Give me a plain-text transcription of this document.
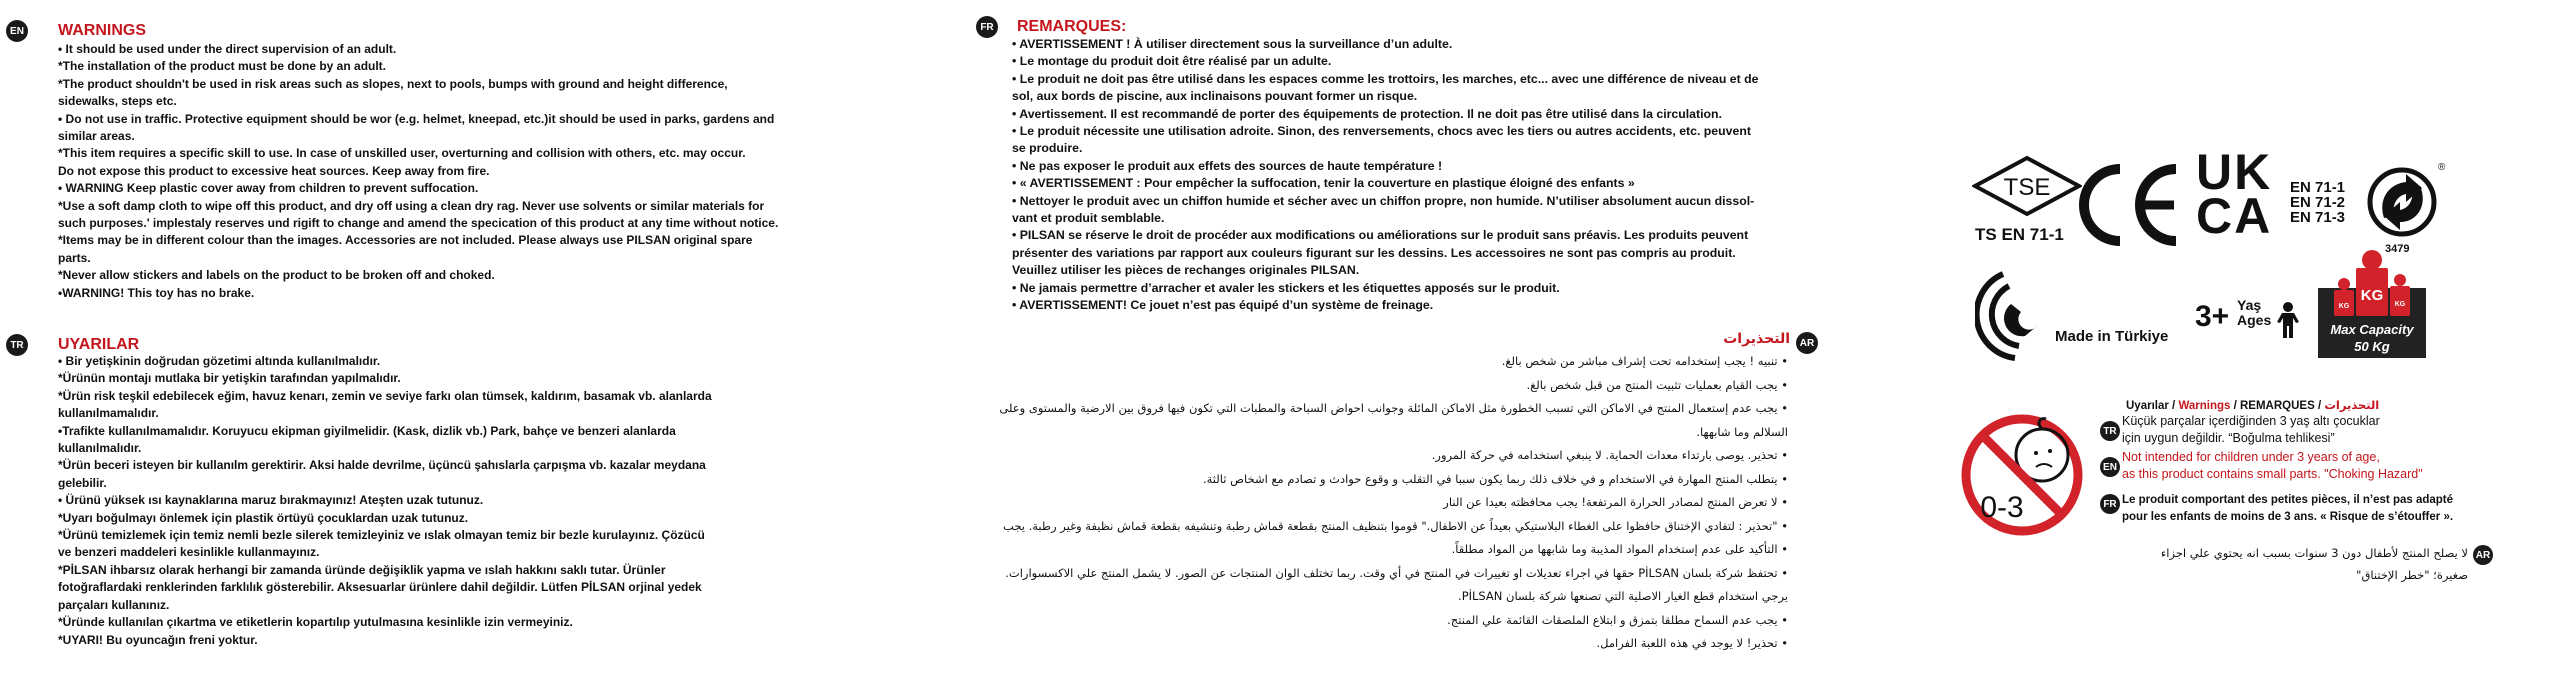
EN WARNINGS
• It should be used under the direct supervision of an adult.
*The installation of the product must be done by an adult.
*The product shouldn't be used in risk areas such as slopes, next to pools, bumps with ground and height difference,
sidewalks, steps etc.
• Do not use in traffic. Protective equipment should be wor (e.g. helmet, kneepad, etc.)it should be used in parks, gardens and
similar areas.
*This item requires a specific skill to use. In case of unskilled user, overturning and collision with others, etc. may occur.
Do not expose this product to excessive heat sources. Keep away from fire.
• WARNING Keep plastic cover away from children to prevent suffocation.
*Use a soft damp cloth to wipe off this product, and dry off using a clean dry rag. Never use solvents or similar materials for
such purposes.' implestaly reserves und rigift to change and amend the specication of this product at any time without notice.
*Items may be in different colour than the images. Accessories are not included. Please always use PILSAN original spare
parts.
*Never allow stickers and labels on the product to be broken off and choked.
•WARNING! This toy has no brake.
TR UYARILAR
• Bir yetişkinin doğrudan gözetimi altında kullanılmalıdır.
*Ürünün montajı mutlaka bir yetişkin tarafından yapılmalıdır.
*Ürün risk teşkil edebilecek eğim, havuz kenarı, zemin ve seviye farkı olan tümsek, kaldırım, basamak vb. alanlarda
kullanılmamalıdır.
•Trafikte kullanılmamalıdır. Koruyucu ekipman giyilmelidir. (Kask, dizlik vb.) Park, bahçe ve benzeri alanlarda
kullanılmalıdır.
*Ürün beceri isteyen bir kullanılm gerektirir. Aksi halde devrilme, üçüncü şahıslarla çarpışma vb. kazalar meydana
gelebilir.
• Ürünü yüksek ısı kaynaklarına maruz bırakmayınız! Ateşten uzak tutunuz.
*Uyarı boğulmayı önlemek için plastik örtüyü çocuklardan uzak tutunuz.
*Ürünü temizlemek için temiz nemli bezle silerek temizleyiniz ve ıslak olmayan temiz bir bezle kurulayınız. Çözücü
ve benzeri maddeleri kesinlikle kullanmayınız.
*PİLSAN ihbarsız olarak herhangi bir zamanda üründe değişiklik yapma ve ıslah hakkını saklı tutar. Ürünler
fotoğraflardaki renklerinden farklılık gösterebilir. Aksesuarlar ürünlere dahil değildir. Lütfen PİLSAN orjinal yedek
parçaları kullanınız.
*Üründe kullanılan çıkartma ve etiketlerin kopartılıp yutulmasına kesinlikle izin vermeyiniz.
*UYARI! Bu oyuncağın freni yoktur.
FR REMARQUES:
• AVERTISSEMENT ! À utiliser directement sous la surveillance d’un adulte.
• Le montage du produit doit être réalisé par un adulte.
• Le produit ne doit pas être utilisé dans les espaces comme les trottoirs, les marches, etc... avec une différence de niveau et de
sol, aux bords de piscine, aux inclinaisons pouvant former un risque.
• Avertissement. Il est recommandé de porter des équipements de protection. Il ne doit pas être utilisé dans la circulation.
• Le produit nécessite une utilisation adroite. Sinon, des renversements, chocs avec les tiers ou autres accidents, etc. peuvent
se produire.
• Ne pas exposer le produit aux effets des sources de haute température !
• « AVERTISSEMENT : Pour empêcher la suffocation, tenir la couverture en plastique éloigné des enfants »
• Nettoyer le produit avec un chiffon humide et sécher avec un chiffon propre, non humide. N’utiliser absolument aucun dissol-
vant et produit semblable.
• PILSAN se réserve le droit de procéder aux modifications ou améliorations sur le produit sans préavis. Les produits peuvent
présenter des variations par rapport aux couleurs figurant sur les dessins. Les accessoires ne sont pas compris au produit.
Veuillez utiliser les pièces de rechanges originales PILSAN.
• Ne jamais permettre d’arracher et avaler les stickers et les étiquettes apposés sur le produit.
• AVERTISSEMENT! Ce jouet n’est pas équipé d’un système de freinage.
AR
التحذيرات
• تنبيه ! يجب إستخدامه تحت إشراف مباشر من شخص بالغ.
• يجب القيام بعمليات تثبيت المنتج من قبل شخص بالغ.
• يجب عدم إستعمال المنتج في الاماكن التي تسبب الخطورة مثل الاماكن المائلة وجوانب احواض السباحة والمطبات التي تكون فيها فروق بين الارضية والمستوى وعلى
السلالم وما شابهها.
• تحذير. يوصى بارتداء معدات الحماية. لا ينبغي استخدامه في حركة المرور.
• يتطلب المنتج المهارة في الاستخدام و في خلاف ذلك ربما يكون سببا في التقلب و وقوع حوادث و تصادم مع اشخاص ثالثة.
• لا تعرض المنتج لمصادر الحرارة المرتفعة! يجب محافظته بعيدا عن النار
• "تحذير : لتفادي الإختناق حافظوا على الغطاء البلاستيكي بعيداً عن الاطفال." قوموا بتنظيف المنتج بقطعة قماش رطبة وتنشيفه بقطعة قماش نظيفة وغير رطبة. يجب
• التأكيد على عدم إستخدام المواد المذيبة وما شابهها من المواد مطلقاً.
• تحتفظ شركة بلسان PİLSAN حقها في اجراء تعديلات او تغييرات في المنتج في أي وقت. ربما تختلف الوان المنتجات عن الصور. لا يشمل المنتج علي الاكسسوارات.
يرجي استخدام قطع الغيار الاصلية التي تصنعها شركة بلسان PİLSAN.
• يجب عدم السماح مطلقا بتمزق و ابتلاع الملصقات القائمة علي المنتج.
• تحذير! لا يوجد في هذه اللعبة الفرامل.
TSE
TS EN 71-1
UK
CA
EN 71-1
EN 71-2
EN 71-3
®
3479
Made in Türkiye
3+ Yaş
Ages
KG
KG	KG
Max Capacity
50 Kg
0-3
Uyarılar / Warnings / REMARQUES / التحذيرات
TR
Küçük parçalar içerdiğinden 3 yaş altı çocuklar
için uygun değildir. “Boğulma tehlikesi”
EN
Not intended for children under 3 years of age,
as this product contains small parts. "Choking Hazard"
FR Le produit comportant des petites pièces, il n’est pas adapté
pour les enfants de moins de 3 ans. « Risque de s’étouffer ».
AR
لا يصلح المنتج لأطفال دون 3 سنوات بسبب انه يحتوي علي اجزاء
صغيرة؛ "خطر الإختناق"
